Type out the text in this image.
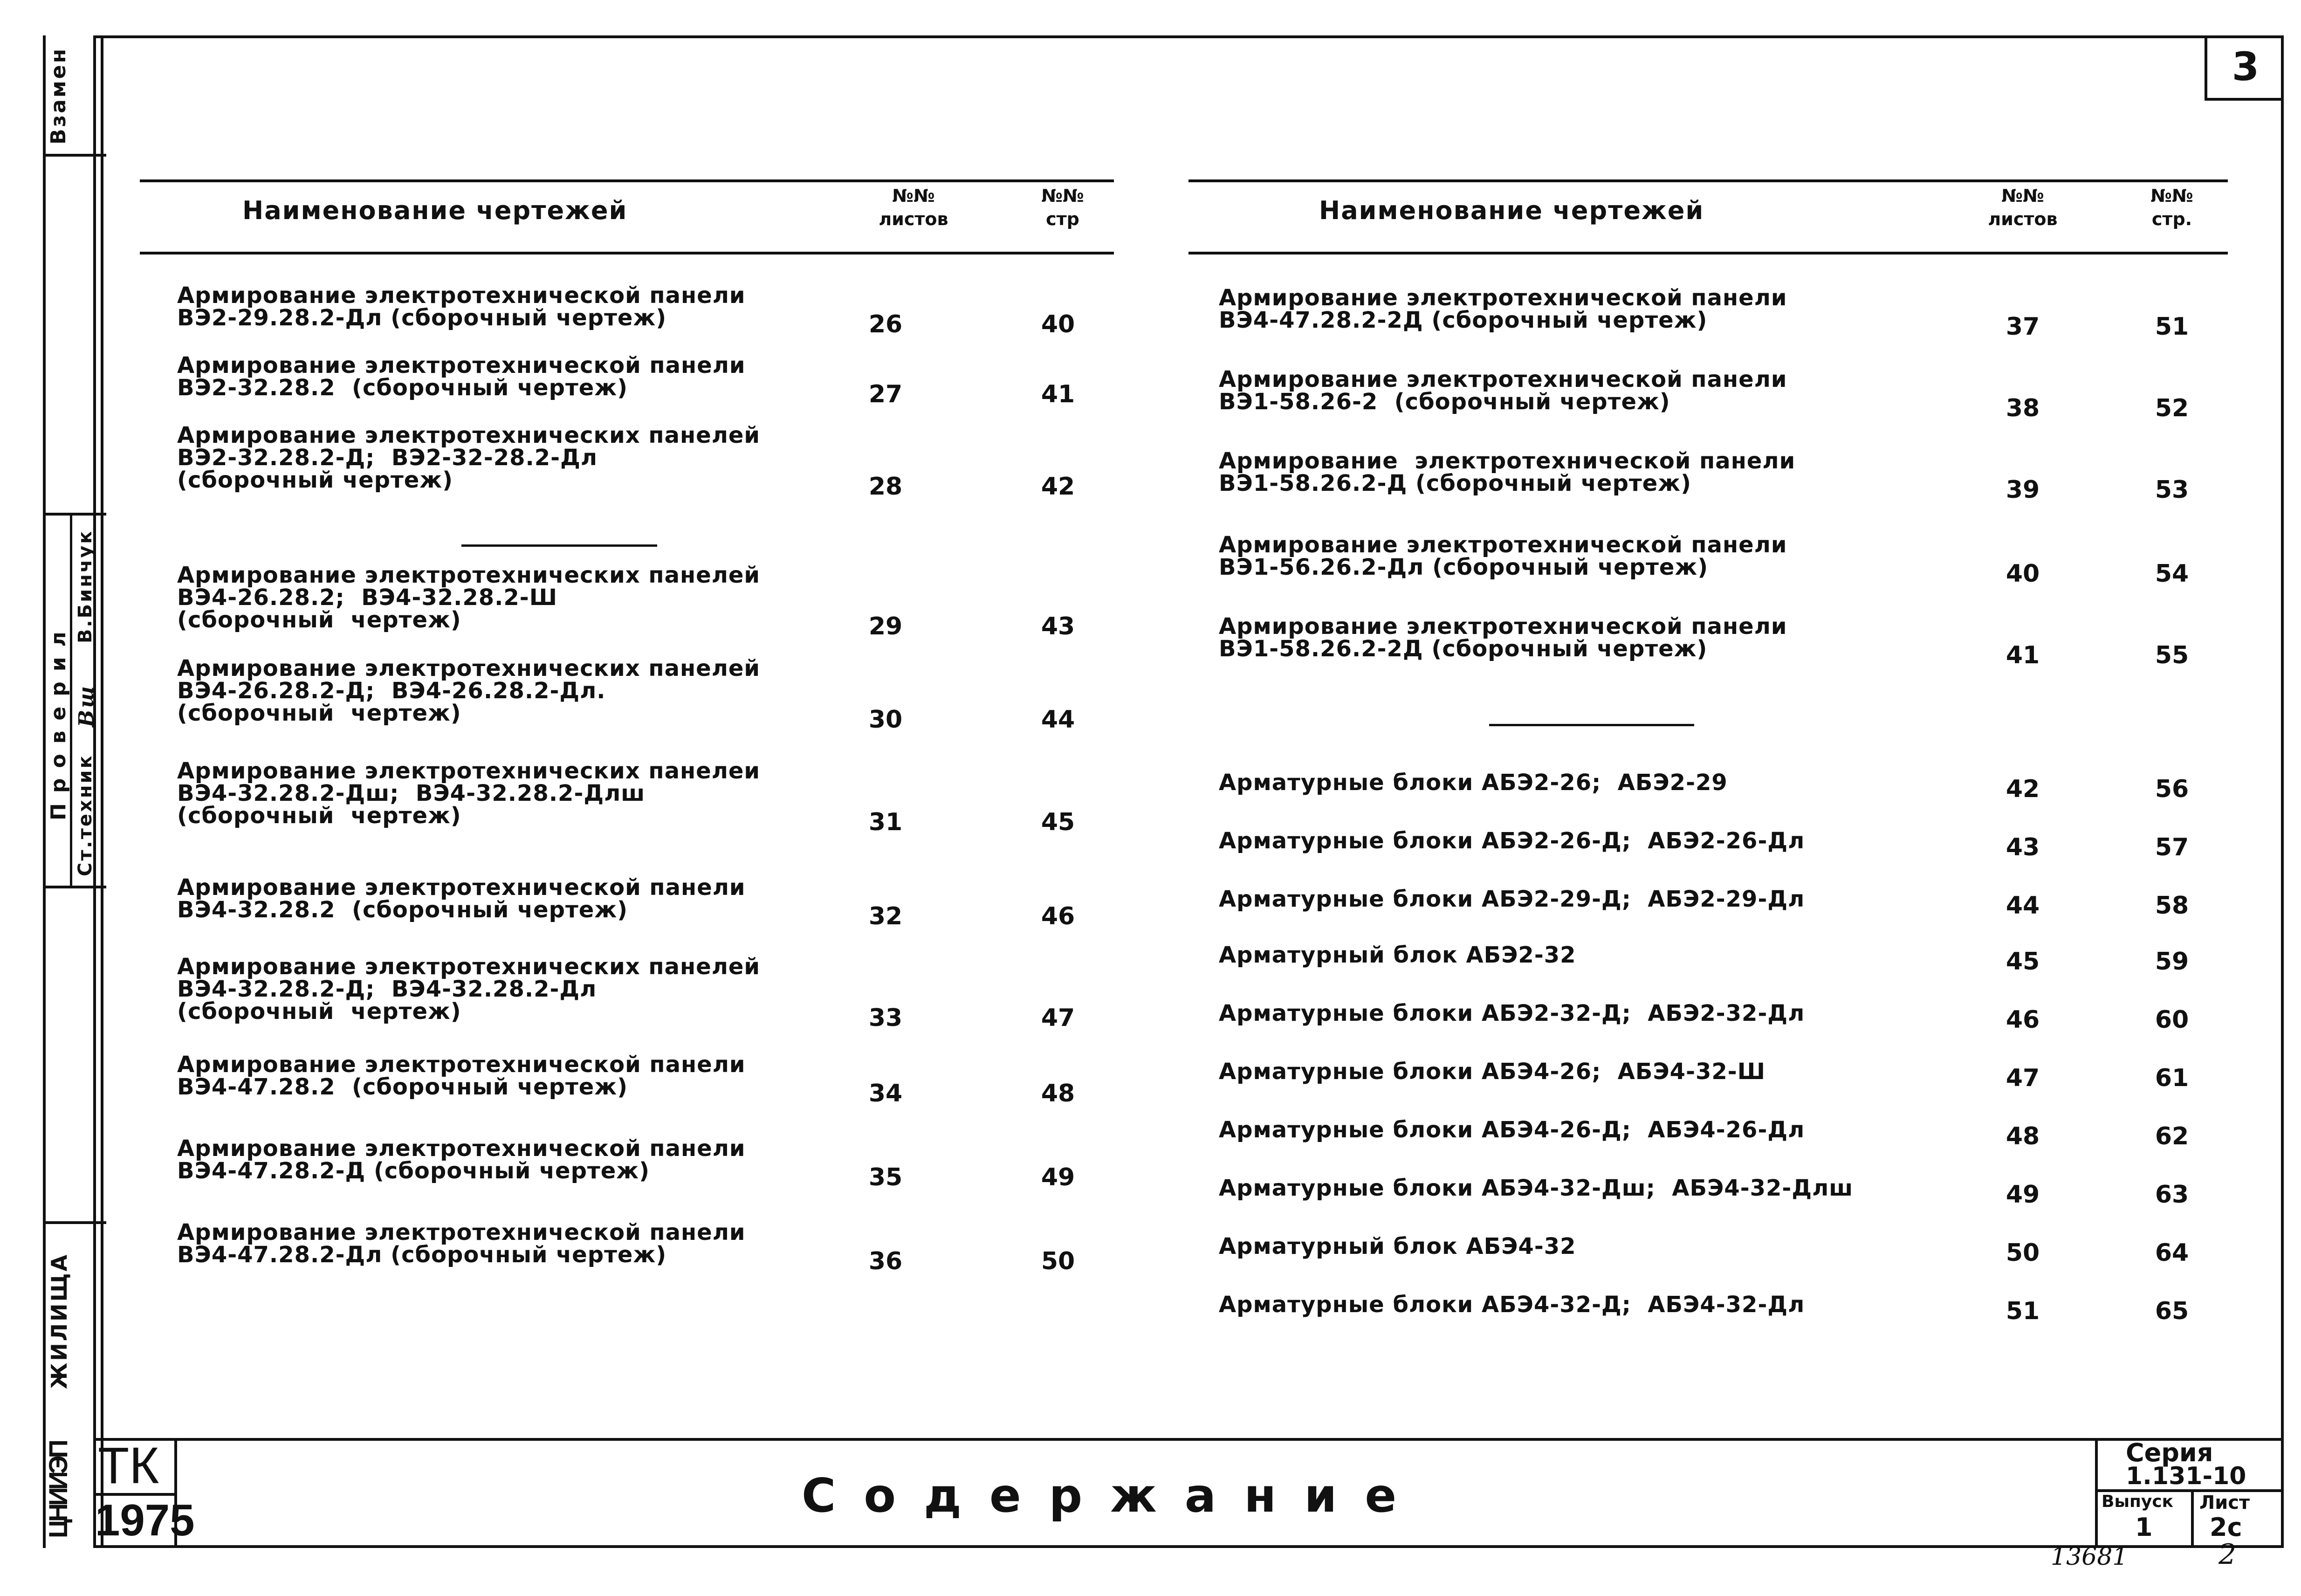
Взамен
Проверил Ст.техник
Вш
В.Бинчук
ЖИЛИЩА
ЦНИИЭП
3
Наименование чертежей	№№
листов
№№
стр
Армирование электротехнической панели
ВЭ2-29.28.2-Дл (сборочный чертеж)	26	40
Армирование электротехнической панели
ВЭ2-32.28.2  (сборочный чертеж)	27	41
Армирование электротехнических панелей
ВЭ2-32.28.2-Д;  ВЭ2-32-28.2-Дл
(сборочный чертеж)	28	42
Армирование электротехнических панелей
ВЭ4-26.28.2;  ВЭ4-32.28.2-Ш
(сборочный  чертеж)	29	43
Армирование электротехнических панелей
ВЭ4-26.28.2-Д;  ВЭ4-26.28.2-Дл.
(сборочный  чертеж)	30	44
Армирование электротехнических панелеи
ВЭ4-32.28.2-Дш;  ВЭ4-32.28.2-Длш
(сборочный  чертеж)	31	45
Армирование электротехнической панели
ВЭ4-32.28.2  (сборочный чертеж)	32	46
Армирование электротехнических панелей
ВЭ4-32.28.2-Д;  ВЭ4-32.28.2-Дл
(сборочный  чертеж)	33	47
Армирование электротехнической панели
ВЭ4-47.28.2  (сборочный чертеж)	34	48
Армирование электротехнической панели
ВЭ4-47.28.2-Д (сборочный чертеж)	35	49
Армирование электротехнической панели
ВЭ4-47.28.2-Дл (сборочный чертеж)	36	50
Наименование чертежей	№№
листов
№№
стр.
Армирование электротехнической панели
ВЭ4-47.28.2-2Д (сборочный чертеж)	37	51
Армирование электротехнической панели
ВЭ1-58.26-2  (сборочный чертеж)	38	52
Армирование  электротехнической панели
ВЭ1-58.26.2-Д (сборочный чертеж)	39	53
Армирование электротехнической панели
ВЭ1-56.26.2-Дл (сборочный чертеж)	40	54
Армирование электротехнической панели
ВЭ1-58.26.2-2Д (сборочный чертеж)	41	55
Арматурные блоки АБЭ2-26;  АБЭ2-29	42	56
Арматурные блоки АБЭ2-26-Д;  АБЭ2-26-Дл	43	57
Арматурные блоки АБЭ2-29-Д;  АБЭ2-29-Дл	44	58
Арматурный блок АБЭ2-32	45	59
Арматурные блоки АБЭ2-32-Д;  АБЭ2-32-Дл	46	60
Арматурные блоки АБЭ4-26;  АБЭ4-32-Ш	47	61
Арматурные блоки АБЭ4-26-Д;  АБЭ4-26-Дл	48	62
Арматурные блоки АБЭ4-32-Дш;  АБЭ4-32-Длш	49	63
Арматурный блок АБЭ4-32	50	64
Арматурные блоки АБЭ4-32-Д;  АБЭ4-32-Дл	51	65
ТК
1975	Содержание
Серия
1.131-10
Выпуск
1
Лист
2с
13681	2
